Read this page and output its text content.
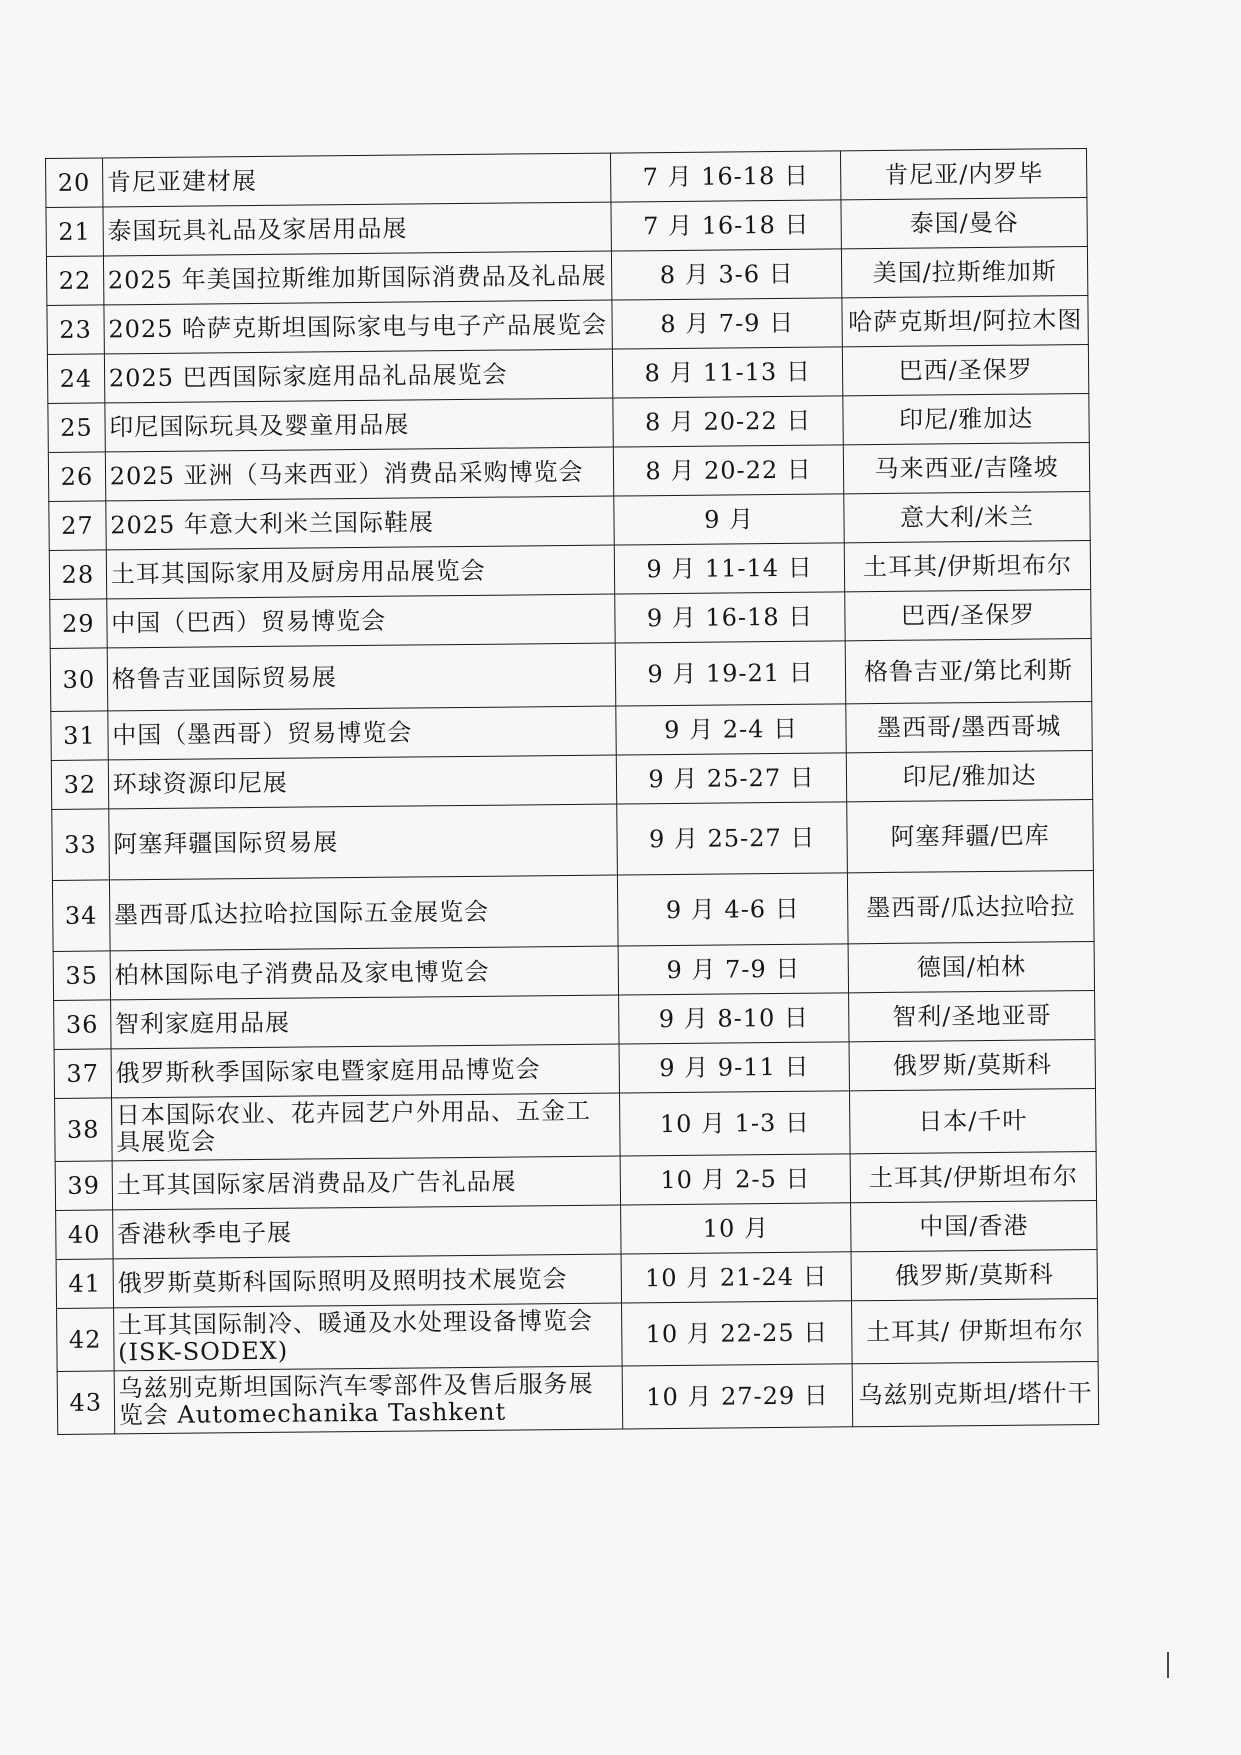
20	肯尼亚建材展	7 月 16-18 日	肯尼亚/内罗毕
21	泰国玩具礼品及家居用品展	7 月 16-18 日	泰国/曼谷
22	2025 年美国拉斯维加斯国际消费品及礼品展	8 月 3-6 日	美国/拉斯维加斯
23	2025 哈萨克斯坦国际家电与电子产品展览会	8 月 7-9 日	哈萨克斯坦/阿拉木图
24	2025 巴西国际家庭用品礼品展览会	8 月 11-13 日	巴西/圣保罗
25	印尼国际玩具及婴童用品展	8 月 20-22 日	印尼/雅加达
26	2025 亚洲（马来西亚）消费品采购博览会	8 月 20-22 日	马来西亚/吉隆坡
27	2025 年意大利米兰国际鞋展	9 月	意大利/米兰
28	土耳其国际家用及厨房用品展览会	9 月 11-14 日	土耳其/伊斯坦布尔
29	中国（巴西）贸易博览会	9 月 16-18 日	巴西/圣保罗
30	格鲁吉亚国际贸易展	9 月 19-21 日	格鲁吉亚/第比利斯
31	中国（墨西哥）贸易博览会	9 月 2-4 日	墨西哥/墨西哥城
32	环球资源印尼展	9 月 25-27 日	印尼/雅加达
33	阿塞拜疆国际贸易展	9 月 25-27 日	阿塞拜疆/巴库
34	墨西哥瓜达拉哈拉国际五金展览会	9 月 4-6 日	墨西哥/瓜达拉哈拉
35	柏林国际电子消费品及家电博览会	9 月 7-9 日	德国/柏林
36	智利家庭用品展	9 月 8-10 日	智利/圣地亚哥
37	俄罗斯秋季国际家电暨家庭用品博览会	9 月 9-11 日	俄罗斯/莫斯科
38	日本国际农业、花卉园艺户外用品、五金工具展览会	10 月 1-3 日	日本/千叶
39	土耳其国际家居消费品及广告礼品展	10 月 2-5 日	土耳其/伊斯坦布尔
40	香港秋季电子展	10 月	中国/香港
41	俄罗斯莫斯科国际照明及照明技术展览会	10 月 21-24 日	俄罗斯/莫斯科
42	土耳其国际制冷、暖通及水处理设备博览会 (ISK-SODEX)	10 月 22-25 日	土耳其/ 伊斯坦布尔
43	乌兹别克斯坦国际汽车零部件及售后服务展览会 Automechanika Tashkent	10 月 27-29 日	乌兹别克斯坦/塔什干
